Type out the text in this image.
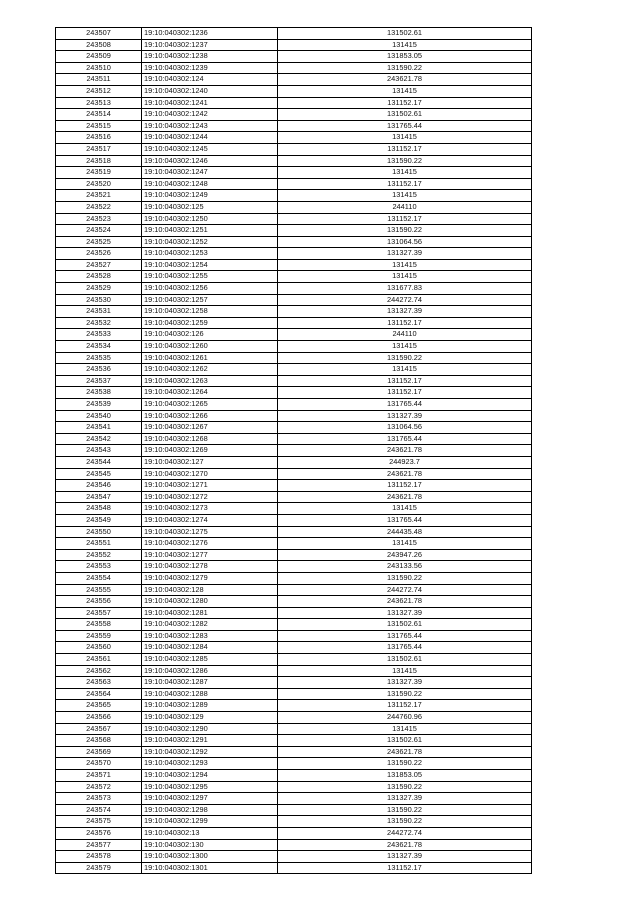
243507	19:10:040302:1236	131502.61
243508	19:10:040302:1237	131415
243509	19:10:040302:1238	131853.05
243510	19:10:040302:1239	131590.22
243511	19:10:040302:124	243621.78
243512	19:10:040302:1240	131415
243513	19:10:040302:1241	131152.17
243514	19:10:040302:1242	131502.61
243515	19:10:040302:1243	131765.44
243516	19:10:040302:1244	131415
243517	19:10:040302:1245	131152.17
243518	19:10:040302:1246	131590.22
243519	19:10:040302:1247	131415
243520	19:10:040302:1248	131152.17
243521	19:10:040302:1249	131415
243522	19:10:040302:125	244110
243523	19:10:040302:1250	131152.17
243524	19:10:040302:1251	131590.22
243525	19:10:040302:1252	131064.56
243526	19:10:040302:1253	131327.39
243527	19:10:040302:1254	131415
243528	19:10:040302:1255	131415
243529	19:10:040302:1256	131677.83
243530	19:10:040302:1257	244272.74
243531	19:10:040302:1258	131327.39
243532	19:10:040302:1259	131152.17
243533	19:10:040302:126	244110
243534	19:10:040302:1260	131415
243535	19:10:040302:1261	131590.22
243536	19:10:040302:1262	131415
243537	19:10:040302:1263	131152.17
243538	19:10:040302:1264	131152.17
243539	19:10:040302:1265	131765.44
243540	19:10:040302:1266	131327.39
243541	19:10:040302:1267	131064.56
243542	19:10:040302:1268	131765.44
243543	19:10:040302:1269	243621.78
243544	19:10:040302:127	244923.7
243545	19:10:040302:1270	243621.78
243546	19:10:040302:1271	131152.17
243547	19:10:040302:1272	243621.78
243548	19:10:040302:1273	131415
243549	19:10:040302:1274	131765.44
243550	19:10:040302:1275	244435.48
243551	19:10:040302:1276	131415
243552	19:10:040302:1277	243947.26
243553	19:10:040302:1278	243133.56
243554	19:10:040302:1279	131590.22
243555	19:10:040302:128	244272.74
243556	19:10:040302:1280	243621.78
243557	19:10:040302:1281	131327.39
243558	19:10:040302:1282	131502.61
243559	19:10:040302:1283	131765.44
243560	19:10:040302:1284	131765.44
243561	19:10:040302:1285	131502.61
243562	19:10:040302:1286	131415
243563	19:10:040302:1287	131327.39
243564	19:10:040302:1288	131590.22
243565	19:10:040302:1289	131152.17
243566	19:10:040302:129	244760.96
243567	19:10:040302:1290	131415
243568	19:10:040302:1291	131502.61
243569	19:10:040302:1292	243621.78
243570	19:10:040302:1293	131590.22
243571	19:10:040302:1294	131853.05
243572	19:10:040302:1295	131590.22
243573	19:10:040302:1297	131327.39
243574	19:10:040302:1298	131590.22
243575	19:10:040302:1299	131590.22
243576	19:10:040302:13	244272.74
243577	19:10:040302:130	243621.78
243578	19:10:040302:1300	131327.39
243579	19:10:040302:1301	131152.17
